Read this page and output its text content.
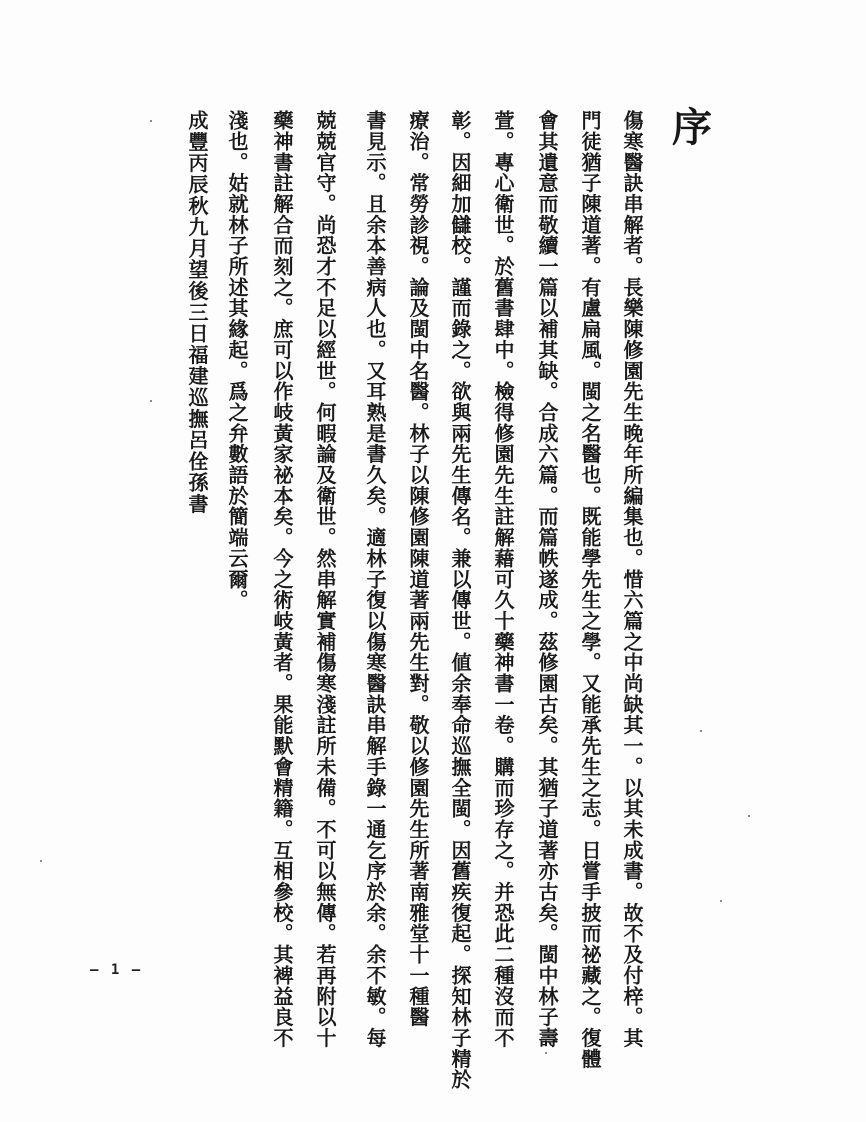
序
傷寒醫訣串解者。長樂陳修園先生晚年所編集也。惜六篇之中尚缺其一。以其未成書。故不及付梓。其
門徒猶子陳道著。有盧扁風。閩之名醫也。既能學先生之學。又能承先生之志。日嘗手披而祕藏之。復體
會其遺意而敬續一篇以補其缺。合成六篇。而篇帙遂成。茲修園古矣。其猶子道著亦古矣。閩中林子壽
萱。專心衛世。於舊書肆中。檢得修園先生註解藉可久十藥神書一卷。購而珍存之。并恐此二種沒而不
彰。因細加讎校。謹而錄之。欲與兩先生傳名。兼以傳世。値余奉命巡撫全閩。因舊疾復起。探知林子精於
療治。常勞診視。論及閩中名醫。林子以陳修園陳道著兩先生對。敬以修園先生所著南雅堂十一種醫
書見示。且余本善病人也。又耳熟是書久矣。適林子復以傷寒醫訣串解手錄一通乞序於余。余不敏。每
兢兢官守。尚恐才不足以經世。何暇論及衛世。然串解實補傷寒淺註所未備。不可以無傳。若再附以十
藥神書註解合而刻之。庶可以作岐黃家祕本矣。今之術岐黃者。果能默會精籍。互相參校。其裨益良不
淺也。姑就林子所述其緣起。爲之弁數語於簡端云爾。
成豐丙辰秋九月望後三日福建巡撫呂佺孫書
— 1 —
